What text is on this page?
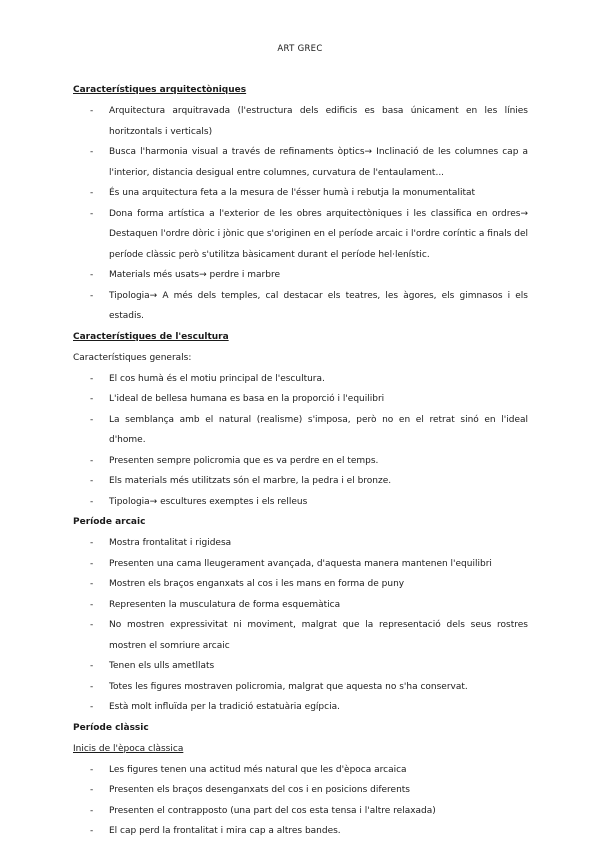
ART GREC
Característiques arquitectòniques
- Arquitectura arquitravada (l'estructura dels edificis es basa únicament en les línies horitzontals i verticals)
- Busca l'harmonia visual a través de refinaments òptics→ Inclinació de les columnes cap a l'interior, distancia desigual entre columnes, curvatura de l'entaulament...
- És una arquitectura feta a la mesura de l'ésser humà i rebutja la monumentalitat
- Dona forma artística a l'exterior de les obres arquitectòniques i les classifica en ordres→ Destaquen l'ordre dòric i jònic que s'originen en el període arcaic i l'ordre coríntic a finals del període clàssic però s'utilitza bàsicament durant el període hel·lenístic.
- Materials més usats→ perdre i marbre
- Tipologia→ A més dels temples, cal destacar els teatres, les àgores, els gimnasos i els estadis.
Característiques de l'escultura
Característiques generals:
- El cos humà és el motiu principal de l'escultura.
- L'ideal de bellesa humana es basa en la proporció i l'equilibri
- La semblança amb el natural (realisme) s'imposa, però no en el retrat sinó en l'ideal d'home.
- Presenten sempre policromia que es va perdre en el temps.
- Els materials més utilitzats són el marbre, la pedra i el bronze.
- Tipologia→ escultures exemptes i els relleus
Període arcaic
- Mostra frontalitat i rigidesa
- Presenten una cama lleugerament avançada, d'aquesta manera mantenen l'equilibri
- Mostren els braços enganxats al cos i les mans en forma de puny
- Representen la musculatura de forma esquemàtica
- No mostren expressivitat ni moviment, malgrat que la representació dels seus rostres mostren el somriure arcaic
- Tenen els ulls ametllats
- Totes les figures mostraven policromia, malgrat que aquesta no s'ha conservat.
- Està molt influïda per la tradició estatuària egípcia.
Període clàssic
Inicis de l'època clàssica
- Les figures tenen una actitud més natural que les d'època arcaica
- Presenten els braços desenganxats del cos i en posicions diferents
- Presenten el contrapposto (una part del cos esta tensa i l'altre relaxada)
- El cap perd la frontalitat i mira cap a altres bandes.
